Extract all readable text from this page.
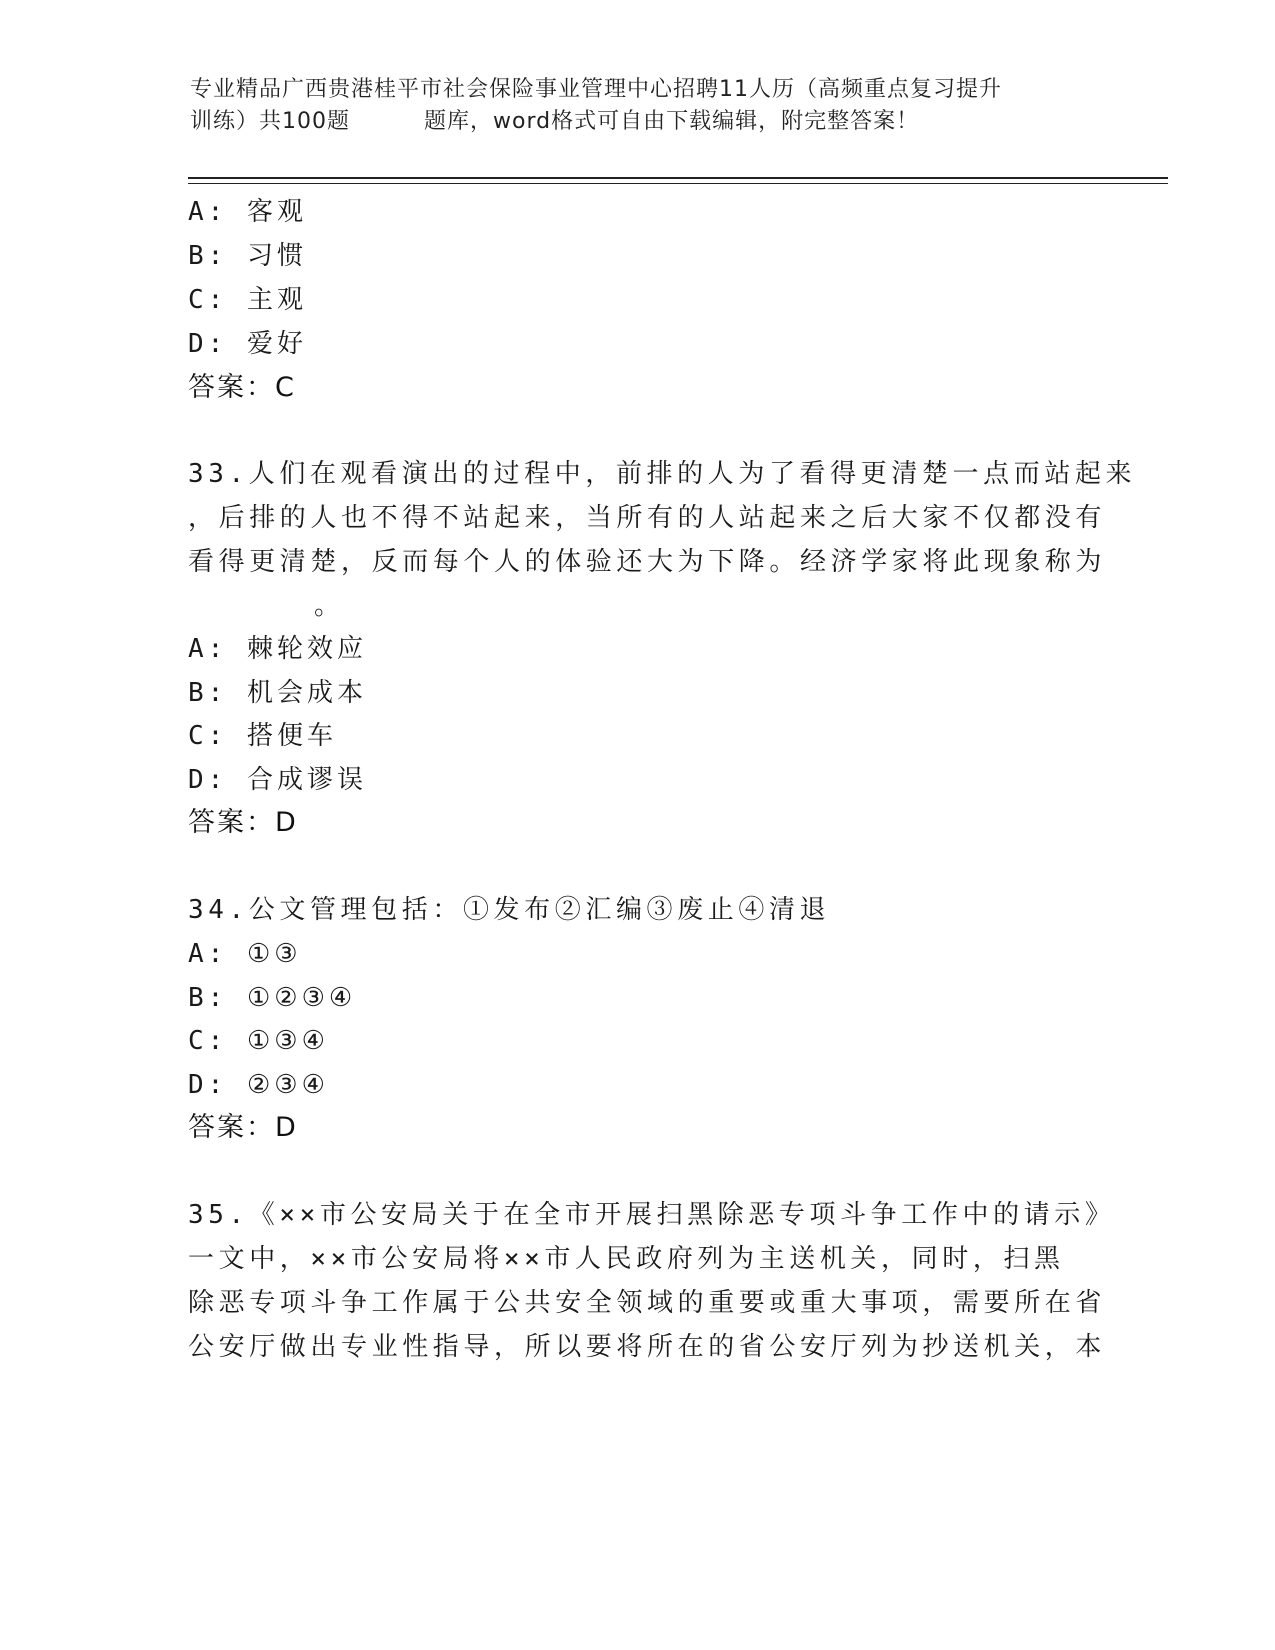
专业精品广西贵港桂平市社会保险事业管理中心招聘11人历（高频重点复习提升
训练）共100题	题库，word格式可自由下载编辑，附完整答案！
A: 客观
B: 习惯
C: 主观
D: 爱好
答案：C
33.人们在观看演出的过程中，前排的人为了看得更清楚一点而站起来
，后排的人也不得不站起来，当所有的人站起来之后大家不仅都没有
看得更清楚，反而每个人的体验还大为下降。经济学家将此现象称为
。
A: 棘轮效应
B: 机会成本
C: 搭便车
D: 合成谬误
答案：D
34.公文管理包括：①发布②汇编③废止④清退
A: ①③
B: ①②③④
C: ①③④
D: ②③④
答案：D
35.《××市公安局关于在全市开展扫黑除恶专项斗争工作中的请示》
一文中，××市公安局将××市人民政府列为主送机关，同时，扫黑
除恶专项斗争工作属于公共安全领域的重要或重大事项，需要所在省
公安厅做出专业性指导，所以要将所在的省公安厅列为抄送机关，本
